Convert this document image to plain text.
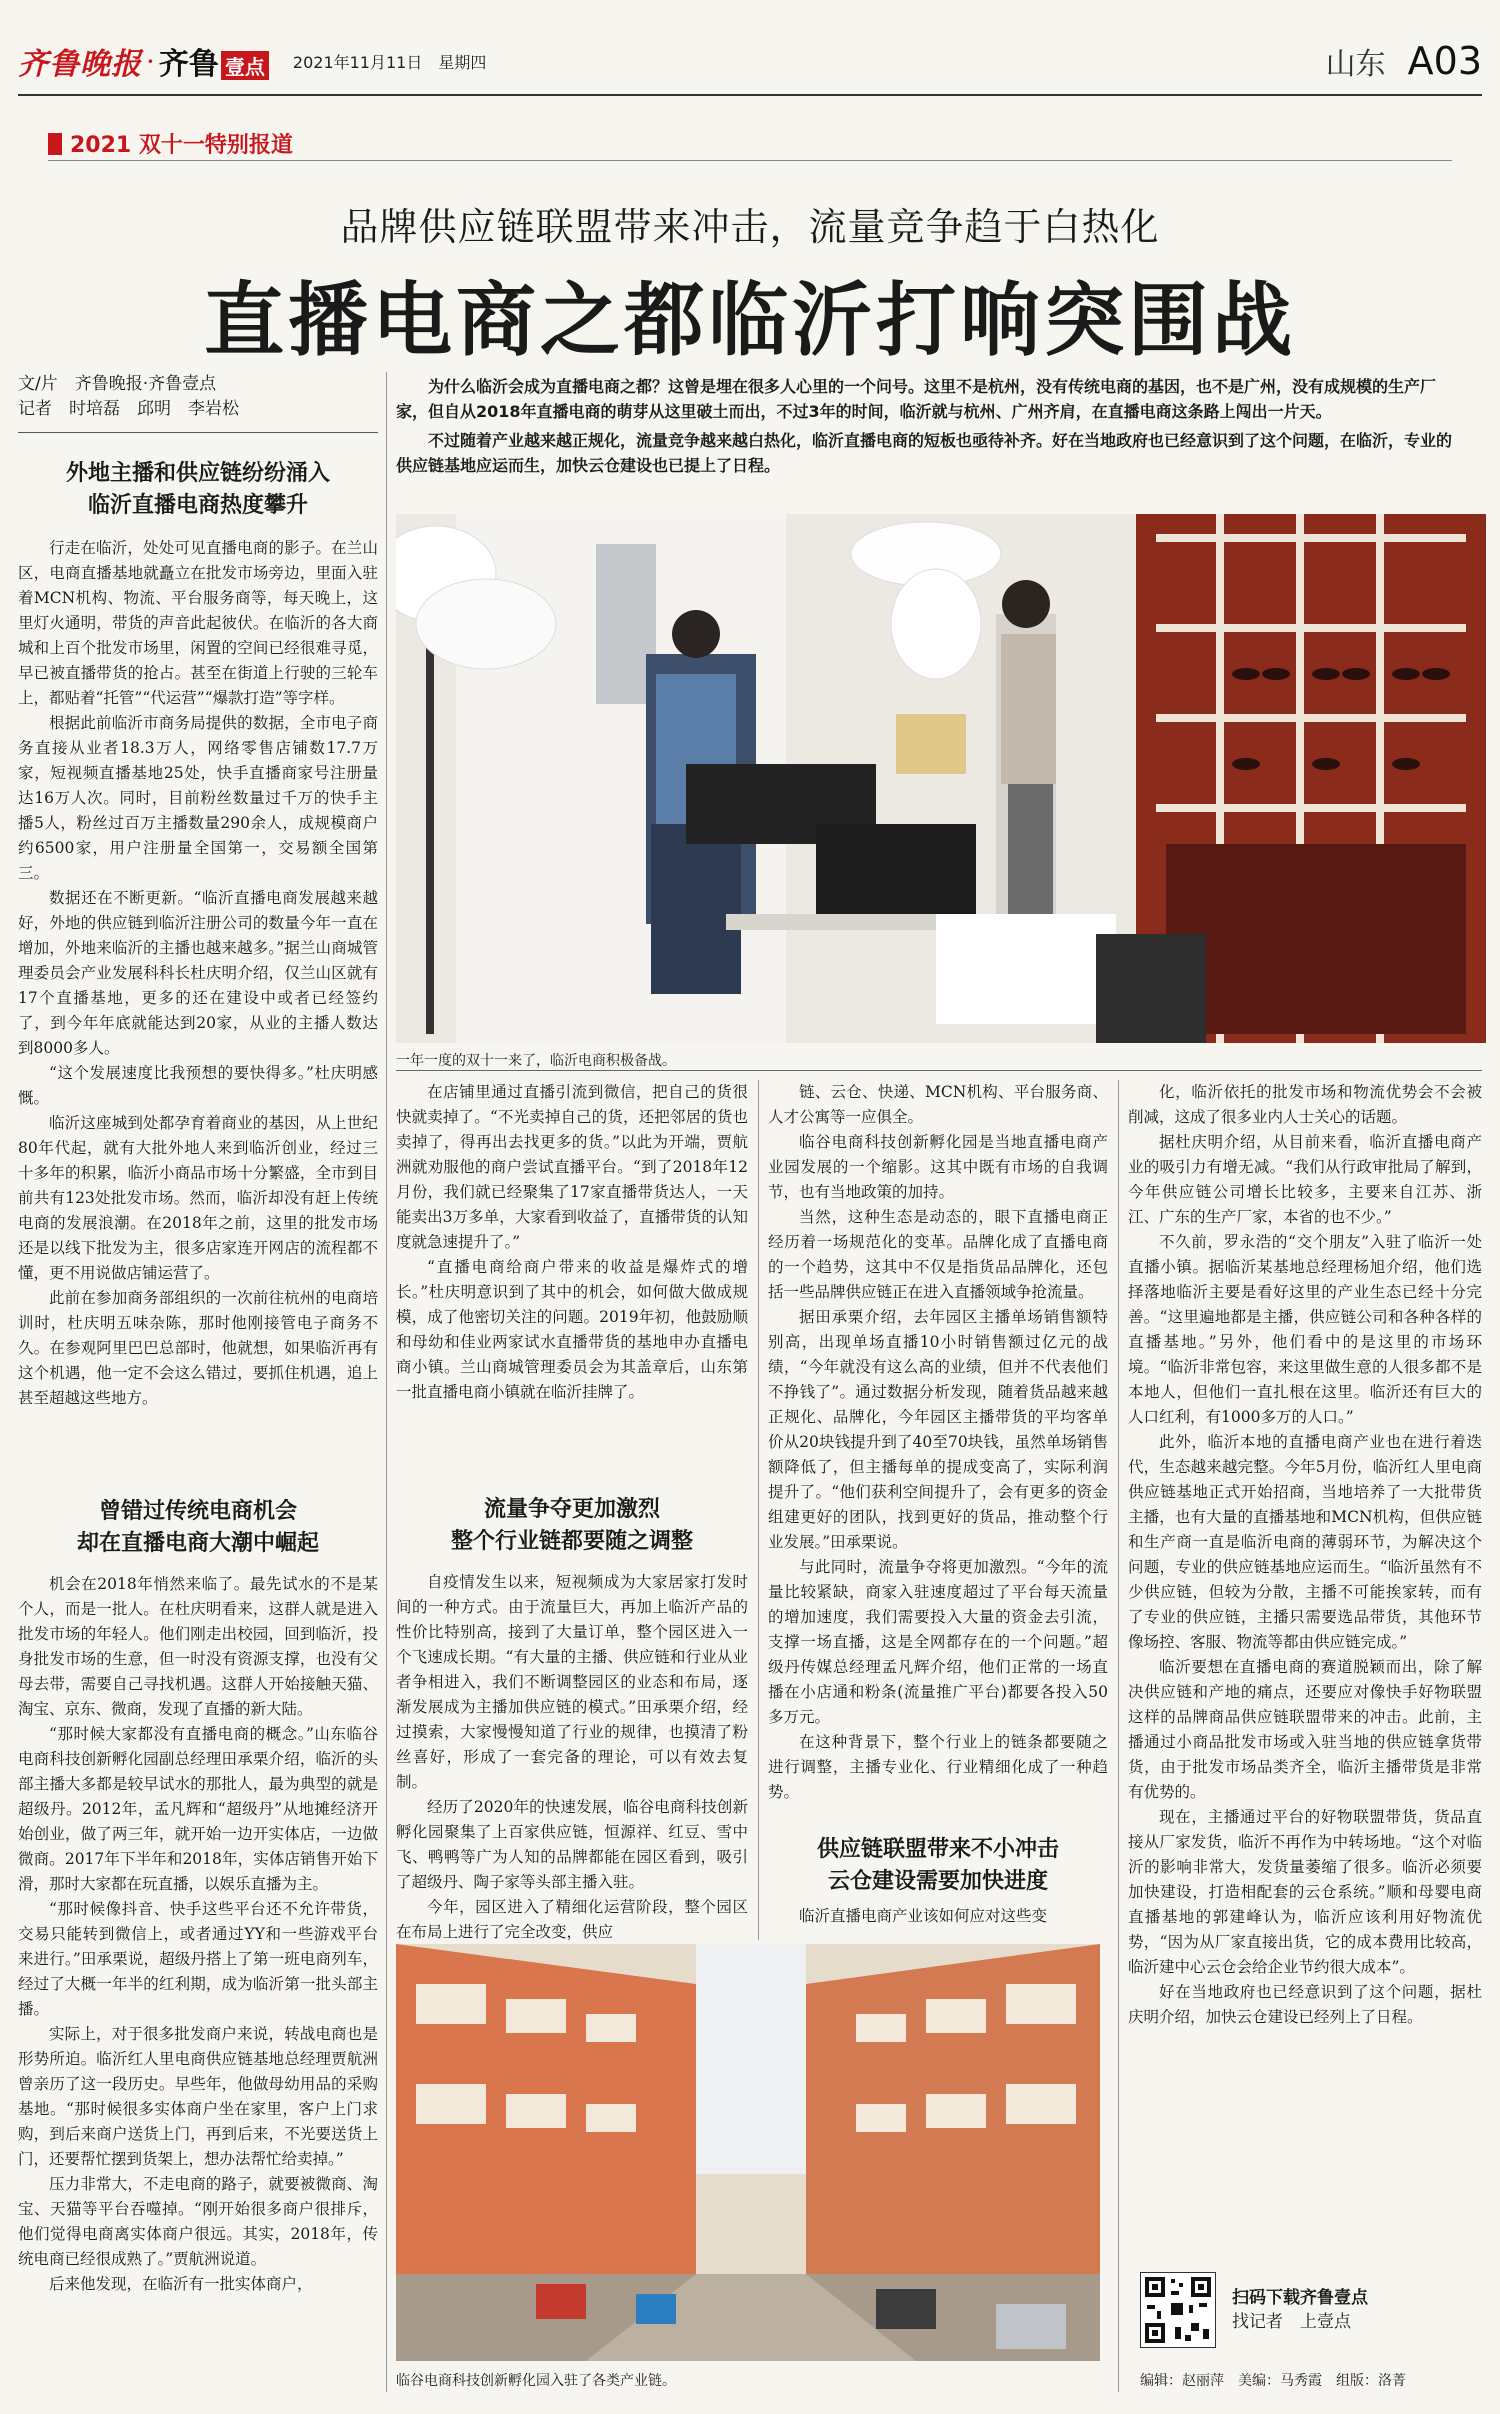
齐鲁晚报 · 齐鲁 壹点 2021年11月11日　星期四	山东 A03
2021 双十一特别报道
品牌供应链联盟带来冲击，流量竞争趋于白热化
直播电商之都临沂打响突围战
文/片　齐鲁晚报·齐鲁壹点
记者　时培磊　邱明　李岩松

为什么临沂会成为直播电商之都？这曾是埋在很多人心里的一个问号。这里不是杭州，没有传统电商的基因，也不是广州，没有成规模的生产厂家，但自从2018年直播电商的萌芽从这里破土而出，不过3年的时间，临沂就与杭州、广州齐肩，在直播电商这条路上闯出一片天。

不过随着产业越来越正规化，流量竞争越来越白热化，临沂直播电商的短板也亟待补齐。好在当地政府也已经意识到了这个问题，在临沂，专业的供应链基地应运而生，加快云仓建设也已提上了日程。

外地主播和供应链纷纷涌入
临沂直播电商热度攀升

行走在临沂，处处可见直播电商的影子。在兰山区，电商直播基地就矗立在批发市场旁边，里面入驻着MCN机构、物流、平台服务商等，每天晚上，这里灯火通明，带货的声音此起彼伏。在临沂的各大商城和上百个批发市场里，闲置的空间已经很难寻觅，早已被直播带货的抢占。甚至在街道上行驶的三轮车上，都贴着“托管”“代运营”“爆款打造”等字样。

根据此前临沂市商务局提供的数据，全市电子商务直接从业者18.3万人，网络零售店铺数17.7万家，短视频直播基地25处，快手直播商家号注册量达16万人次。同时，目前粉丝数量过千万的快手主播5人，粉丝过百万主播数量290余人，成规模商户约6500家，用户注册量全国第一，交易额全国第三。

数据还在不断更新。“临沂直播电商发展越来越好，外地的供应链到临沂注册公司的数量今年一直在增加，外地来临沂的主播也越来越多。”据兰山商城管理委员会产业发展科科长杜庆明介绍，仅兰山区就有17个直播基地，更多的还在建设中或者已经签约了，到今年年底就能达到20家，从业的主播人数达到8000多人。

“这个发展速度比我预想的要快得多。”杜庆明感慨。

临沂这座城到处都孕育着商业的基因，从上世纪80年代起，就有大批外地人来到临沂创业，经过三十多年的积累，临沂小商品市场十分繁盛，全市到目前共有123处批发市场。然而，临沂却没有赶上传统电商的发展浪潮。在2018年之前，这里的批发市场还是以线下批发为主，很多店家连开网店的流程都不懂，更不用说做店铺运营了。

此前在参加商务部组织的一次前往杭州的电商培训时，杜庆明五味杂陈，那时他刚接管电子商务不久。在参观阿里巴巴总部时，他就想，如果临沂再有这个机遇，他一定不会这么错过，要抓住机遇，追上甚至超越这些地方。

曾错过传统电商机会
却在直播电商大潮中崛起

机会在2018年悄然来临了。最先试水的不是某个人，而是一批人。在杜庆明看来，这群人就是进入批发市场的年轻人。他们刚走出校园，回到临沂，投身批发市场的生意，但一时没有资源支撑，也没有父母去带，需要自己寻找机遇。这群人开始接触天猫、淘宝、京东、微商，发现了直播的新大陆。

“那时候大家都没有直播电商的概念。”山东临谷电商科技创新孵化园副总经理田承栗介绍，临沂的头部主播大多都是较早试水的那批人，最为典型的就是超级丹。2012年，孟凡辉和“超级丹”从地摊经济开始创业，做了两三年，就开始一边开实体店，一边做微商。2017年下半年和2018年，实体店销售开始下滑，那时大家都在玩直播，以娱乐直播为主。

“那时候像抖音、快手这些平台还不允许带货，交易只能转到微信上，或者通过YY和一些游戏平台来进行。”田承栗说，超级丹搭上了第一班电商列车，经过了大概一年半的红利期，成为临沂第一批头部主播。

实际上，对于很多批发商户来说，转战电商也是形势所迫。临沂红人里电商供应链基地总经理贾航洲曾亲历了这一段历史。早些年，他做母幼用品的采购基地。“那时候很多实体商户坐在家里，客户上门求购，到后来商户送货上门，再到后来，不光要送货上门，还要帮忙摆到货架上，想办法帮忙给卖掉。”

压力非常大，不走电商的路子，就要被微商、淘宝、天猫等平台吞噬掉。“刚开始很多商户很排斥，他们觉得电商离实体商户很远。其实，2018年，传统电商已经很成熟了。”贾航洲说道。

后来他发现，在临沂有一批实体商户，

一年一度的双十一来了，临沂电商积极备战。

在店铺里通过直播引流到微信，把自己的货很快就卖掉了。“不光卖掉自己的货，还把邻居的货也卖掉了，得再出去找更多的货。”以此为开端，贾航洲就劝服他的商户尝试直播平台。“到了2018年12月份，我们就已经聚集了17家直播带货达人，一天能卖出3万多单，大家看到收益了，直播带货的认知度就急速提升了。”

“直播电商给商户带来的收益是爆炸式的增长。”杜庆明意识到了其中的机会，如何做大做成规模，成了他密切关注的问题。2019年初，他鼓励顺和母幼和佳业两家试水直播带货的基地申办直播电商小镇。兰山商城管理委员会为其盖章后，山东第一批直播电商小镇就在临沂挂牌了。

流量争夺更加激烈
整个行业链都要随之调整

自疫情发生以来，短视频成为大家居家打发时间的一种方式。由于流量巨大，再加上临沂产品的性价比特别高，接到了大量订单，整个园区进入一个飞速成长期。“有大量的主播、供应链和行业从业者争相进入，我们不断调整园区的业态和布局，逐渐发展成为主播加供应链的模式。”田承栗介绍，经过摸索，大家慢慢知道了行业的规律，也摸清了粉丝喜好，形成了一套完备的理论，可以有效去复制。

经历了2020年的快速发展，临谷电商科技创新孵化园聚集了上百家供应链，恒源祥、红豆、雪中飞、鸭鸭等广为人知的品牌都能在园区看到，吸引了超级丹、陶子家等头部主播入驻。

今年，园区进入了精细化运营阶段，整个园区在布局上进行了完全改变，供应

链、云仓、快递、MCN机构、平台服务商、人才公寓等一应俱全。

临谷电商科技创新孵化园是当地直播电商产业园发展的一个缩影。这其中既有市场的自我调节，也有当地政策的加持。

当然，这种生态是动态的，眼下直播电商正经历着一场规范化的变革。品牌化成了直播电商的一个趋势，这其中不仅是指货品品牌化，还包括一些品牌供应链正在进入直播领域争抢流量。

据田承栗介绍，去年园区主播单场销售额特别高，出现单场直播10小时销售额过亿元的战绩，“今年就没有这么高的业绩，但并不代表他们不挣钱了”。通过数据分析发现，随着货品越来越正规化、品牌化，今年园区主播带货的平均客单价从20块钱提升到了40至70块钱，虽然单场销售额降低了，但主播每单的提成变高了，实际利润提升了。“他们获利空间提升了，会有更多的资金组建更好的团队，找到更好的货品，推动整个行业发展。”田承栗说。

与此同时，流量争夺将更加激烈。“今年的流量比较紧缺，商家入驻速度超过了平台每天流量的增加速度，我们需要投入大量的资金去引流，支撑一场直播，这是全网都存在的一个问题。”超级丹传媒总经理孟凡辉介绍，他们正常的一场直播在小店通和粉条(流量推广平台)都要各投入50多万元。

在这种背景下，整个行业上的链条都要随之进行调整，主播专业化、行业精细化成了一种趋势。

供应链联盟带来不小冲击
云仓建设需要加快进度

临沂直播电商产业该如何应对这些变

化，临沂依托的批发市场和物流优势会不会被削减，这成了很多业内人士关心的话题。

据杜庆明介绍，从目前来看，临沂直播电商产业的吸引力有增无减。“我们从行政审批局了解到，今年供应链公司增长比较多，主要来自江苏、浙江、广东的生产厂家，本省的也不少。”

不久前，罗永浩的“交个朋友”入驻了临沂一处直播小镇。据临沂某基地总经理杨旭介绍，他们选择落地临沂主要是看好这里的产业生态已经十分完善。“这里遍地都是主播，供应链公司和各种各样的直播基地。”另外，他们看中的是这里的市场环境。“临沂非常包容，来这里做生意的人很多都不是本地人，但他们一直扎根在这里。临沂还有巨大的人口红利，有1000多万的人口。”

此外，临沂本地的直播电商产业也在进行着迭代，生态越来越完整。今年5月份，临沂红人里电商供应链基地正式开始招商，当地培养了一大批带货主播，也有大量的直播基地和MCN机构，但供应链和生产商一直是临沂电商的薄弱环节，为解决这个问题，专业的供应链基地应运而生。“临沂虽然有不少供应链，但较为分散，主播不可能挨家转，而有了专业的供应链，主播只需要选品带货，其他环节像场控、客服、物流等都由供应链完成。”

临沂要想在直播电商的赛道脱颖而出，除了解决供应链和产地的痛点，还要应对像快手好物联盟这样的品牌商品供应链联盟带来的冲击。此前，主播通过小商品批发市场或入驻当地的供应链拿货带货，由于批发市场品类齐全，临沂主播带货是非常有优势的。

现在，主播通过平台的好物联盟带货，货品直接从厂家发货，临沂不再作为中转场地。“这个对临沂的影响非常大，发货量萎缩了很多。临沂必须要加快建设，打造相配套的云仓系统。”顺和母婴电商直播基地的郭建峰认为，临沂应该利用好物流优势，“因为从厂家直接出货，它的成本费用比较高，临沂建中心云仓会给企业节约很大成本”。

好在当地政府也已经意识到了这个问题，据杜庆明介绍，加快云仓建设已经列上了日程。

临谷电商科技创新孵化园入驻了各类产业链。
扫码下载齐鲁壹点
找记者　上壹点
编辑：赵丽萍　美编：马秀霞　组版：洛菁
